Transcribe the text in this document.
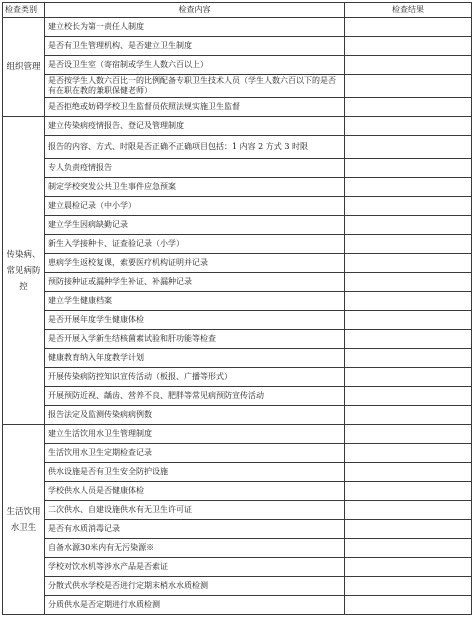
检查类别	检查内容	检查结果
组织管理	建立校长为第一责任人制度	
	是否有卫生管理机构、是否建立卫生制度	
	是否设卫生室（寄宿制或学生人数六百以上）	
	是否按学生人数六百比一的比例配备专职卫生技术人员（学生人数六百以下的是否有在职在教的兼职保健老师）	
	是否拒绝或妨碍学校卫生监督员依照法规实施卫生监督	
传染病、常见病防控	建立传染病疫情报告、登记及管理制度	
	报告的内容、方式、时限是否正确不正确项目包括：1 内容 2 方式 3 时限	
	专人负责疫情报告	
	制定学校突发公共卫生事件应急预案	
	建立晨检记录（中小学）	
	建立学生因病缺勤记录	
	新生入学接种卡、证查验记录（小学）	
	患病学生返校复课，索要医疗机构证明并记录	
	预防接种证或漏种学生补证、补漏种记录	
	建立学生健康档案	
	是否开展年度学生健康体检	
	是否开展入学新生结核菌素试验和肝功能等检查	
	健康教育纳入年度教学计划	
	开展传染病防控知识宣传活动（板报、广播等形式）	
	开展预防近视、龋齿、营养不良、肥胖等常见病预防宣传活动	
	报告法定及监测传染病病例数	
生活饮用水卫生	建立生活饮用水卫生管理制度	
	生活饮用水卫生定期检查记录	
	供水设施是否有卫生安全防护设施	
	学校供水人员是否健康体检	
	二次供水、自建设施供水有无卫生许可证	
	是否有水质消毒记录	
	自备水源30米内有无污染源※	
	学校对饮水机等涉水产品是否索证	
	分散式供水学校是否进行定期末梢水水质检测	
	分质供水是否定期进行水质检测	
